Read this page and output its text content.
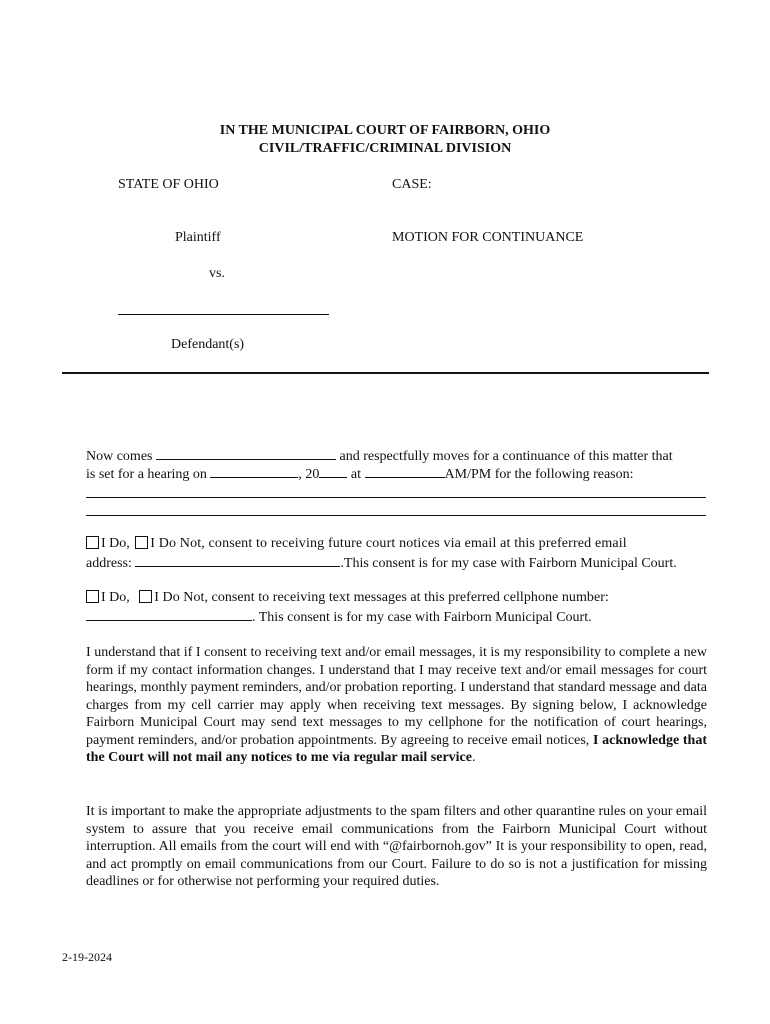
IN THE MUNICIPAL COURT OF FAIRBORN, OHIO
CIVIL/TRAFFIC/CRIMINAL DIVISION
STATE OF OHIO	CASE:
Plaintiff	MOTION FOR CONTINUANCE
vs.
Defendant(s)
Now comes	and respectfully moves for a continuance of this matter that
is set for a hearing on	, 20 at	AM/PM for the following reason:
I Do, I Do Not, consent to receiving future court notices via email at this preferred email
address:	.This consent is for my case with Fairborn Municipal Court.
I Do, I Do Not, consent to receiving text messages at this preferred cellphone number:
. This consent is for my case with Fairborn Municipal Court.
I understand that if I consent to receiving text and/or email messages, it is my responsibility to complete a new form if my contact information changes. I understand that I may receive text and/or email messages for court hearings, monthly payment reminders, and/or probation reporting. I understand that standard message and data charges from my cell carrier may apply when receiving text messages. By signing below, I acknowledge Fairborn Municipal Court may send text messages to my cellphone for the notification of court hearings, payment reminders, and/or probation appointments. By agreeing to receive email notices, I acknowledge that the Court will not mail any notices to me via regular mail service.
It is important to make the appropriate adjustments to the spam filters and other quarantine rules on your email system to assure that you receive email communications from the Fairborn Municipal Court without interruption. All emails from the court will end with “@fairbornoh.gov” It is your responsibility to open, read, and act promptly on email communications from our Court. Failure to do so is not a justification for missing deadlines or for otherwise not performing your required duties.
2-19-2024
